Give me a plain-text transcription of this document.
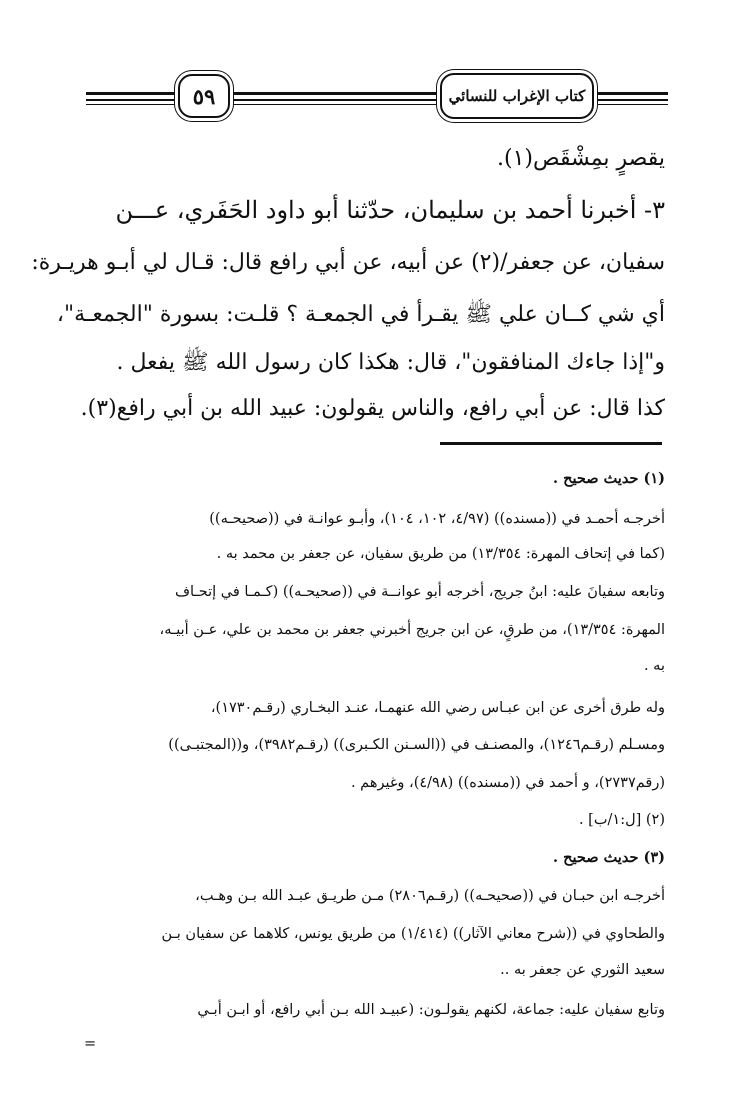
٥٩	كتاب الإغراب للنسائي
يقصرٍ بمِشْقَص(١).
٣- أخبرنا أحمد بن سليمان، حدّثنا أبو داود الحَفَري، عـــن
سفيان، عن جعفر/(٢) عن أبيه، عن أبي رافع قال: قـال لي أبـو هريـرة:
أي شي كــان علي ﷺ يقـرأ في الجمعـة ؟ قلـت: بسورة "الجمعـة"،
و"إذا جاءك المنافقون"، قال: هكذا كان رسول الله ﷺ يفعل .
كذا قال: عن أبي رافع، والناس يقولون: عبيد الله بن أبي رافع(٣).
(١) حديث صحيح .
أخرجـه أحمـد في ((مسنده)) (٤/٩٧، ١٠٢، ١٠٤)، وأبـو عوانـة في ((صحيحـه))
(كما في إتحاف المهرة: ١٣/٣٥٤) من طريق سفيان، عن جعفر بن محمد به .
وتابعه سفيانَ عليه: ابنُ جريج، أخرجه أبو عوانــة في ((صحيحـه)) (كـمـا في إتحـاف
المهرة: ١٣/٣٥٤)، من طرقٍ، عن ابن جريج أخبرني جعفر بن محمد بن علي، عـن أبيـه،
به .
وله طرق أخرى عن ابن عبـاس رضي الله عنهمـا، عنـد البخـاري (رقـم١٧٣٠)،
ومسـلم (رقـم١٢٤٦)، والمصنـف في ((السـنن الكـبرى)) (رقـم٣٩٨٢)، و((المجتبـى))
(رقم٢٧٣٧)، و أحمد في ((مسنده)) (٤/٩٨)، وغيرهم .
(٢) [ل:١/ب] .
(٣) حديث صحيح .
أخرجـه ابن حبـان في ((صحيحـه)) (رقـم٢٨٠٦) مـن طريـق عبـد الله بـن وهـب،
والطحاوي في ((شرح معاني الآثار)) (١/٤١٤) من طريق يونس، كلاهما عن سفيان بـن
سعيد الثوري عن جعفر به ..
وتابع سفيان عليه: جماعة، لكنهم يقولـون: (عبيـد الله بـن أبي رافع، أو ابـن أبـي
=
